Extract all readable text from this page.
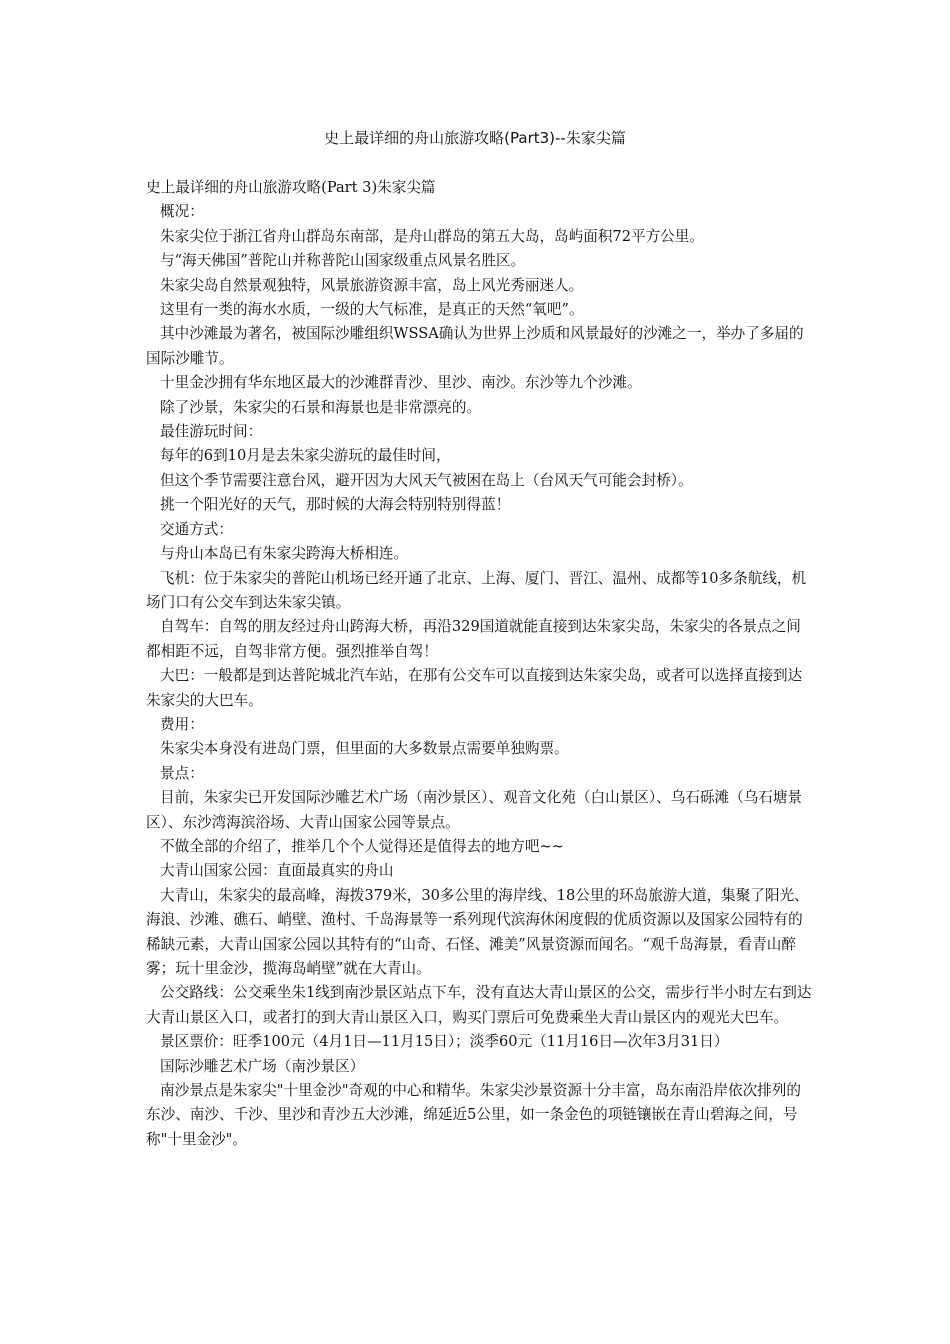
史上最详细的舟山旅游攻略(Part3)--朱家尖篇

史上最详细的舟山旅游攻略(Part 3)朱家尖篇

概况：

朱家尖位于浙江省舟山群岛东南部，是舟山群岛的第五大岛，岛屿面积72平方公里。

与“海天佛国”普陀山并称普陀山国家级重点风景名胜区。

朱家尖岛自然景观独特，风景旅游资源丰富，岛上风光秀丽迷人。

这里有一类的海水水质，一级的大气标准，是真正的天然“氧吧”。

其中沙滩最为著名，被国际沙雕组织WSSA确认为世界上沙质和风景最好的沙滩之一，举办了多届的国际沙雕节。

十里金沙拥有华东地区最大的沙滩群青沙、里沙、南沙。东沙等九个沙滩。

除了沙景，朱家尖的石景和海景也是非常漂亮的。

最佳游玩时间：

每年的6到10月是去朱家尖游玩的最佳时间，

但这个季节需要注意台风，避开因为大风天气被困在岛上（台风天气可能会封桥）。

挑一个阳光好的天气，那时候的大海会特别特别得蓝！

交通方式：

与舟山本岛已有朱家尖跨海大桥相连。

飞机：位于朱家尖的普陀山机场已经开通了北京、上海、厦门、晋江、温州、成都等10多条航线，机场门口有公交车到达朱家尖镇。

自驾车：自驾的朋友经过舟山跨海大桥，再沿329国道就能直接到达朱家尖岛，朱家尖的各景点之间都相距不远，自驾非常方便。强烈推举自驾！

大巴：一般都是到达普陀城北汽车站，在那有公交车可以直接到达朱家尖岛，或者可以选择直接到达朱家尖的大巴车。

费用：

朱家尖本身没有进岛门票，但里面的大多数景点需要单独购票。

景点：

目前，朱家尖已开发国际沙雕艺术广场（南沙景区）、观音文化苑（白山景区）、乌石砾滩（乌石塘景区）、东沙湾海滨浴场、大青山国家公园等景点。

不做全部的介绍了，推举几个个人觉得还是值得去的地方吧~~

大青山国家公园：直面最真实的舟山

大青山，朱家尖的最高峰，海拨379米，30多公里的海岸线、18公里的环岛旅游大道，集聚了阳光、海浪、沙滩、礁石、峭壁、渔村、千岛海景等一系列现代滨海休闲度假的优质资源以及国家公园特有的稀缺元素，大青山国家公园以其特有的“山奇、石怪、滩美”风景资源而闻名。“观千岛海景，看青山醉雾；玩十里金沙，揽海岛峭壁”就在大青山。

公交路线：公交乘坐朱1线到南沙景区站点下车，没有直达大青山景区的公交，需步行半小时左右到达大青山景区入口，或者打的到大青山景区入口，购买门票后可免费乘坐大青山景区内的观光大巴车。

景区票价：旺季100元（4月1日—11月15日）；淡季60元（11月16日—次年3月31日）

国际沙雕艺术广场（南沙景区）

南沙景点是朱家尖"十里金沙"奇观的中心和精华。朱家尖沙景资源十分丰富，岛东南沿岸依次排列的东沙、南沙、千沙、里沙和青沙五大沙滩，绵延近5公里，如一条金色的项链镶嵌在青山碧海之间，号称"十里金沙"。
